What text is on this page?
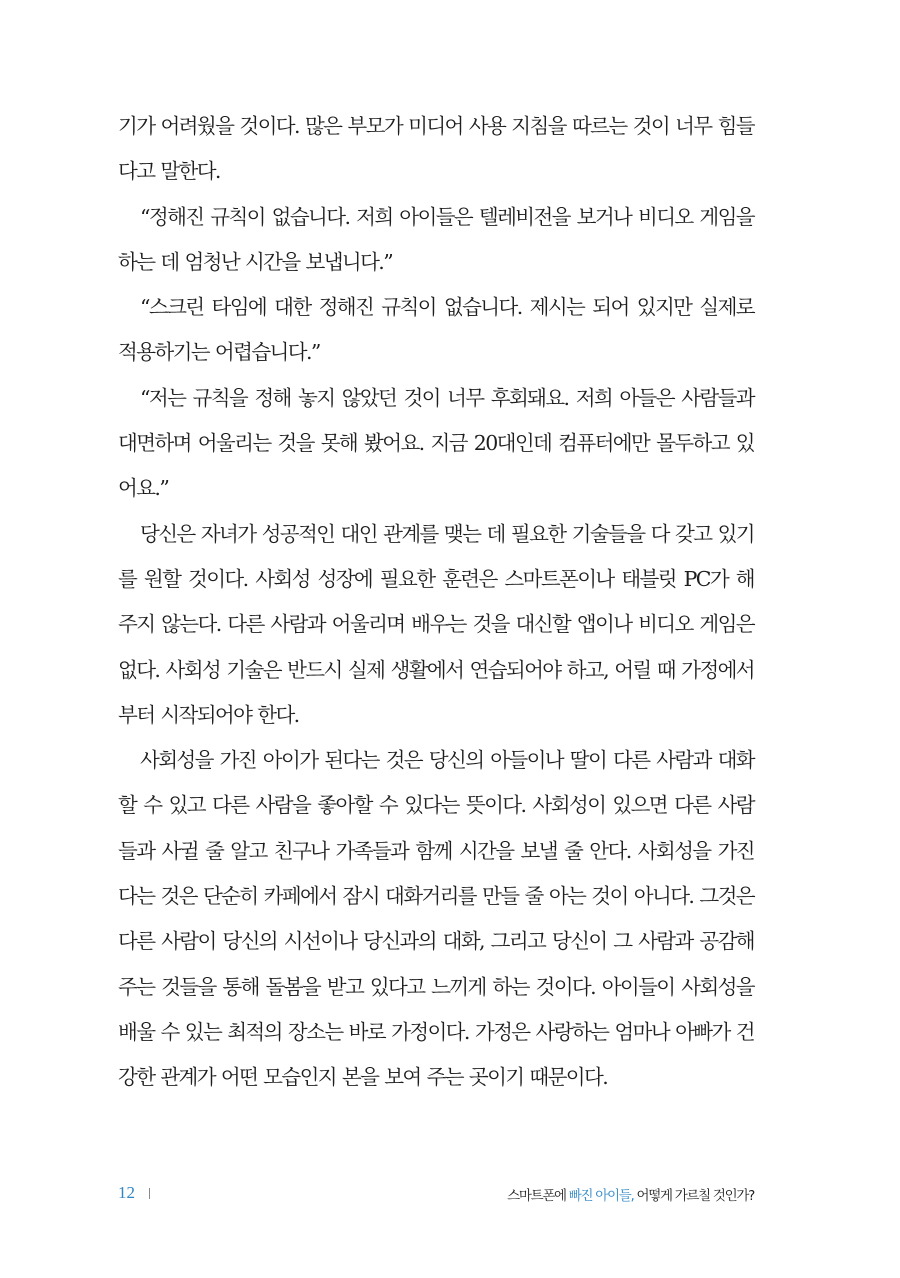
기가 어려웠을 것이다. 많은 부모가 미디어 사용 지침을 따르는 것이 너무 힘들다고 말한다.

“정해진 규칙이 없습니다. 저희 아이들은 텔레비전을 보거나 비디오 게임을 하는 데 엄청난 시간을 보냅니다.”

“스크린 타임에 대한 정해진 규칙이 없습니다. 제시는 되어 있지만 실제로 적용하기는 어렵습니다.”

“저는 규칙을 정해 놓지 않았던 것이 너무 후회돼요. 저희 아들은 사람들과 대면하며 어울리는 것을 못해 봤어요. 지금 20대인데 컴퓨터에만 몰두하고 있어요.”

당신은 자녀가 성공적인 대인 관계를 맺는 데 필요한 기술들을 다 갖고 있기를 원할 것이다. 사회성 성장에 필요한 훈련은 스마트폰이나 태블릿 PC가 해주지 않는다. 다른 사람과 어울리며 배우는 것을 대신할 앱이나 비디오 게임은 없다. 사회성 기술은 반드시 실제 생활에서 연습되어야 하고, 어릴 때 가정에서부터 시작되어야 한다.

사회성을 가진 아이가 된다는 것은 당신의 아들이나 딸이 다른 사람과 대화할 수 있고 다른 사람을 좋아할 수 있다는 뜻이다. 사회성이 있으면 다른 사람들과 사귈 줄 알고 친구나 가족들과 함께 시간을 보낼 줄 안다. 사회성을 가진다는 것은 단순히 카페에서 잠시 대화거리를 만들 줄 아는 것이 아니다. 그것은 다른 사람이 당신의 시선이나 당신과의 대화, 그리고 당신이 그 사람과 공감해 주는 것들을 통해 돌봄을 받고 있다고 느끼게 하는 것이다. 아이들이 사회성을 배울 수 있는 최적의 장소는 바로 가정이다. 가정은 사랑하는 엄마나 아빠가 건강한 관계가 어떤 모습인지 본을 보여 주는 곳이기 때문이다.

12	스마트폰에 빠진 아이들, 어떻게 가르칠 것인가?
